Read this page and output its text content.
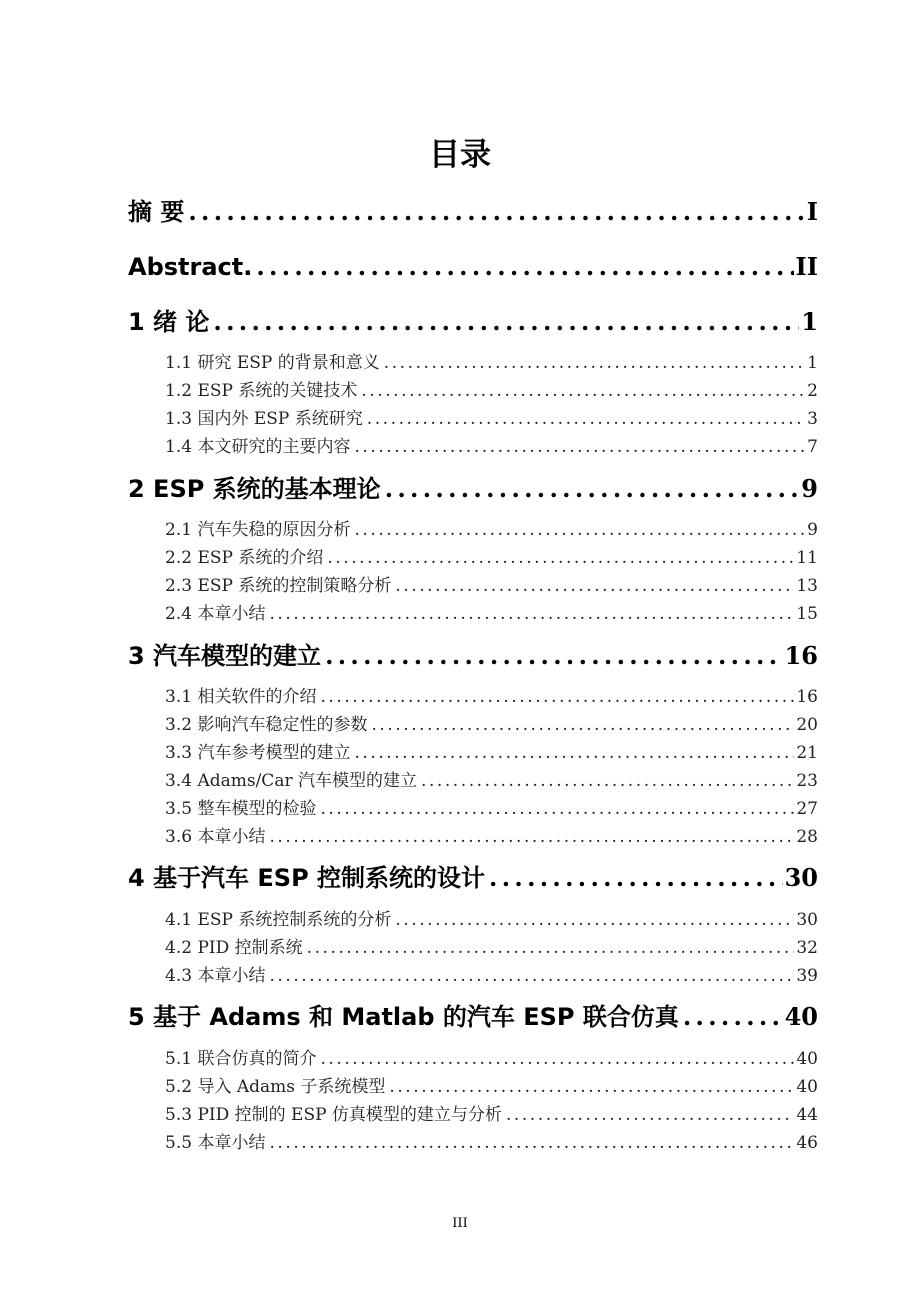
目录
摘 要 .....	I
Abstract. .....	II
1 绪 论 .....	1
1.1 研究 ESP 的背景和意义 .....	1
1.2 ESP 系统的关键技术 .....	2
1.3 国内外 ESP 系统研究 .....	3
1.4 本文研究的主要内容 .....	7
2 ESP 系统的基本理论 .....	9
2.1 汽车失稳的原因分析 .....	9
2.2 ESP 系统的介绍 .....	11
2.3 ESP 系统的控制策略分析 .....	13
2.4 本章小结 .....	15
3 汽车模型的建立 .....	16
3.1 相关软件的介绍 .....	16
3.2 影响汽车稳定性的参数 .....	20
3.3 汽车参考模型的建立 .....	21
3.4 Adams/Car 汽车模型的建立 .....	23
3.5 整车模型的检验 .....	27
3.6 本章小结 .....	28
4 基于汽车 ESP 控制系统的设计 .....	30
4.1 ESP 系统控制系统的分析 .....	30
4.2 PID 控制系统 .....	32
4.3 本章小结 .....	39
5 基于 Adams 和 Matlab 的汽车 ESP 联合仿真 .....	40
5.1 联合仿真的简介 .....	40
5.2 导入 Adams 子系统模型 .....	40
5.3 PID 控制的 ESP 仿真模型的建立与分析 .....	44
5.5 本章小结 .....	46
III
